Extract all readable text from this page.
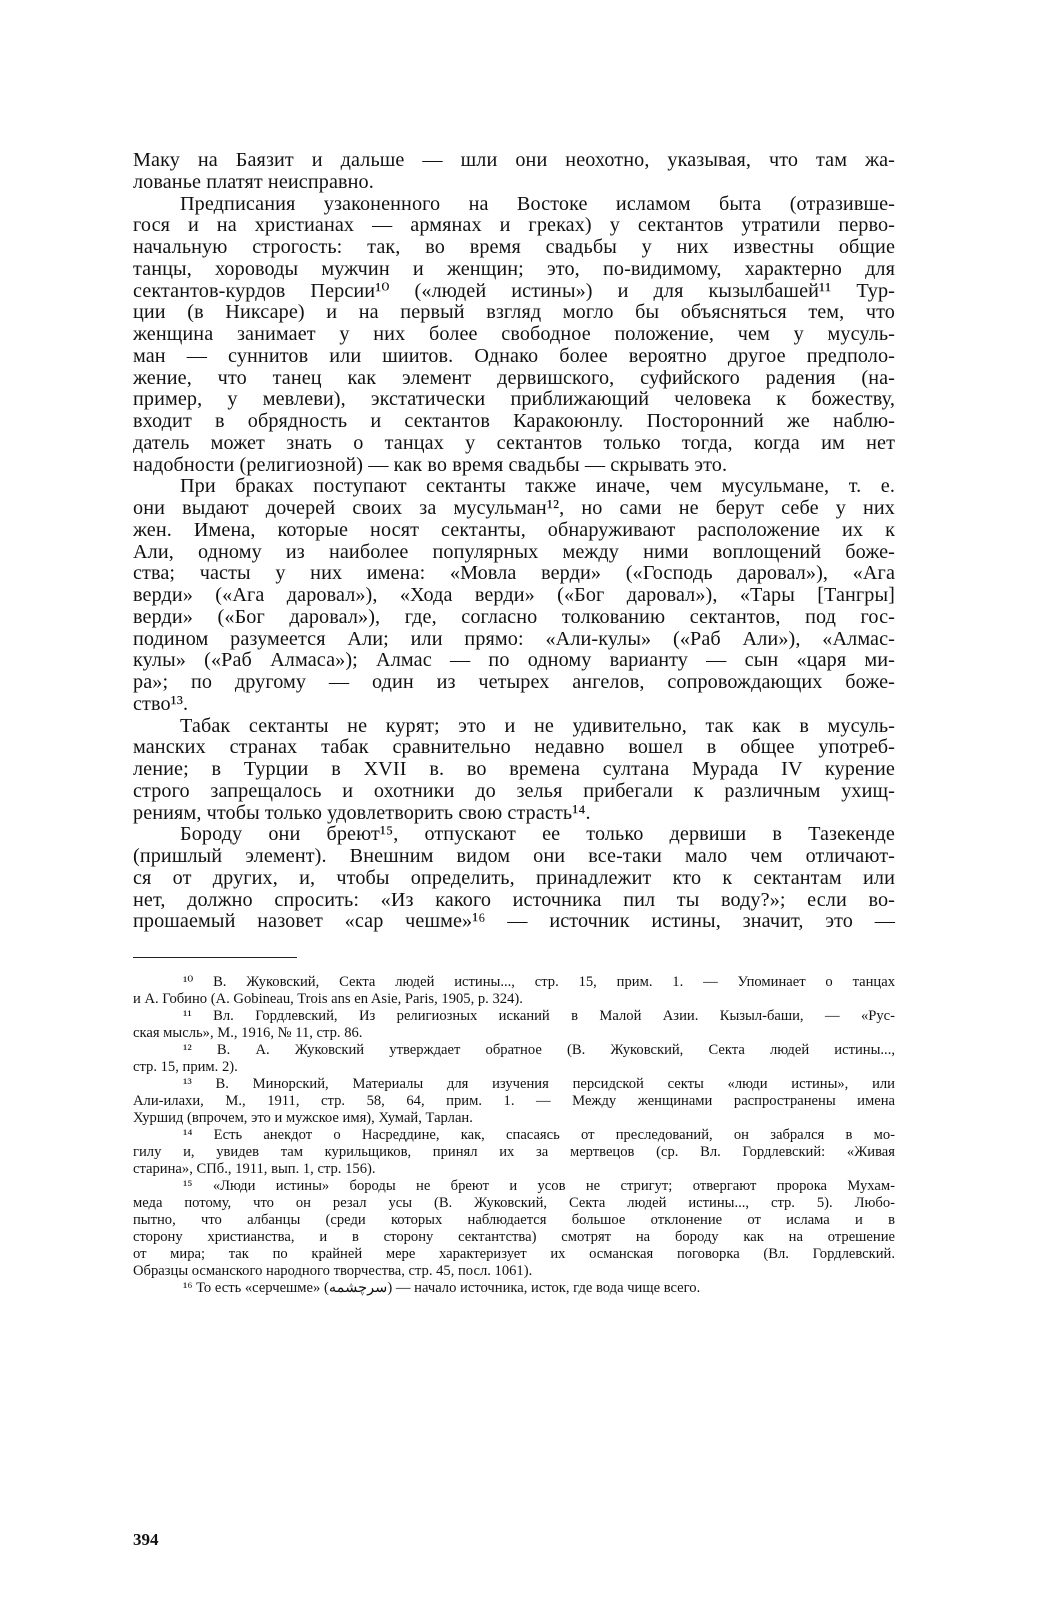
Маку на Баязит и дальше — шли они неохотно, указывая, что там жа-
лованье платят неисправно.
Предписания узаконенного на Востоке исламом быта (отразивше-
гося и на христианах — армянах и греках) у сектантов утратили перво-
начальную строгость: так, во время свадьбы у них известны общие
танцы, хороводы мужчин и женщин; это, по-видимому, характерно для
сектантов-курдов Персии¹⁰ («людей истины») и для кызылбашей¹¹ Тур-
ции (в Никсаре) и на первый взгляд могло бы объясняться тем, что
женщина занимает у них более свободное положение, чем у мусуль-
ман — суннитов или шиитов. Однако более вероятно другое предполо-
жение, что танец как элемент дервишского, суфийского радения (на-
пример, у мевлеви), экстатически приближающий человека к божеству,
входит в обрядность и сектантов Каракоюнлу. Посторонний же наблю-
датель может знать о танцах у сектантов только тогда, когда им нет
надобности (религиозной) — как во время свадьбы — скрывать это.
При браках поступают сектанты также иначе, чем мусульмане, т. е.
они выдают дочерей своих за мусульман¹², но сами не берут себе у них
жен. Имена, которые носят сектанты, обнаруживают расположение их к
Али, одному из наиболее популярных между ними воплощений боже-
ства; часты у них имена: «Мовла верди» («Господь даровал»), «Ага
верди» («Ага даровал»), «Хода верди» («Бог даровал»), «Тары [Тангры]
верди» («Бог даровал»), где, согласно толкованию сектантов, под гос-
подином разумеется Али; или прямо: «Али-кулы» («Раб Али»), «Алмас-
кулы» («Раб Алмаса»); Алмас — по одному варианту — сын «царя ми-
ра»; по другому — один из четырех ангелов, сопровождающих боже-
ство¹³.
Табак сектанты не курят; это и не удивительно, так как в мусуль-
манских странах табак сравнительно недавно вошел в общее употреб-
ление; в Турции в XVII в. во времена султана Мурада IV курение
строго запрещалось и охотники до зелья прибегали к различным ухищ-
рениям, чтобы только удовлетворить свою страсть¹⁴.
Бороду они бреют¹⁵, отпускают ее только дервиши в Тазекенде
(пришлый элемент). Внешним видом они все-таки мало чем отличают-
ся от других, и, чтобы определить, принадлежит кто к сектантам или
нет, должно спросить: «Из какого источника пил ты воду?»; если во-
прошаемый назовет «сар чешме»¹⁶ — источник истины, значит, это —
¹⁰ В. Жуковский, Секта людей истины..., стр. 15, прим. 1. — Упоминает о танцах
и А. Гобино (A. Gobineau, Trois ans en Asie, Paris, 1905, p. 324).
¹¹ Вл. Гордлевский, Из религиозных исканий в Малой Азии. Кызыл-баши, — «Рус-
ская мысль», М., 1916, № 11, стр. 86.
¹² В. А. Жуковский утверждает обратное (В. Жуковский, Секта людей истины...,
стр. 15, прим. 2).
¹³ В. Минорский, Материалы для изучения персидской секты «люди истины», или
Али-илахи, М., 1911, стр. 58, 64, прим. 1. — Между женщинами распространены имена
Хуршид (впрочем, это и мужское имя), Хумай, Тарлан.
¹⁴ Есть анекдот о Насреддине, как, спасаясь от преследований, он забрался в мо-
гилу и, увидев там курильщиков, принял их за мертвецов (ср. Вл. Гордлевский: «Живая
старина», СПб., 1911, вып. 1, стр. 156).
¹⁵ «Люди истины» бороды не бреют и усов не стригут; отвергают пророка Мухам-
меда потому, что он резал усы (В. Жуковский, Секта людей истины..., стр. 5). Любо-
пытно, что албанцы (среди которых наблюдается большое отклонение от ислама и в
сторону христианства, и в сторону сектантства) смотрят на бороду как на отрешение
от мира; так по крайней мере характеризует их османская поговорка (Вл. Гордлевский.
Образцы османского народного творчества, стр. 45, посл. 1061).
¹⁶ То есть «серчешме» (سرچشمه) — начало источника, исток, где вода чище всего.
394
